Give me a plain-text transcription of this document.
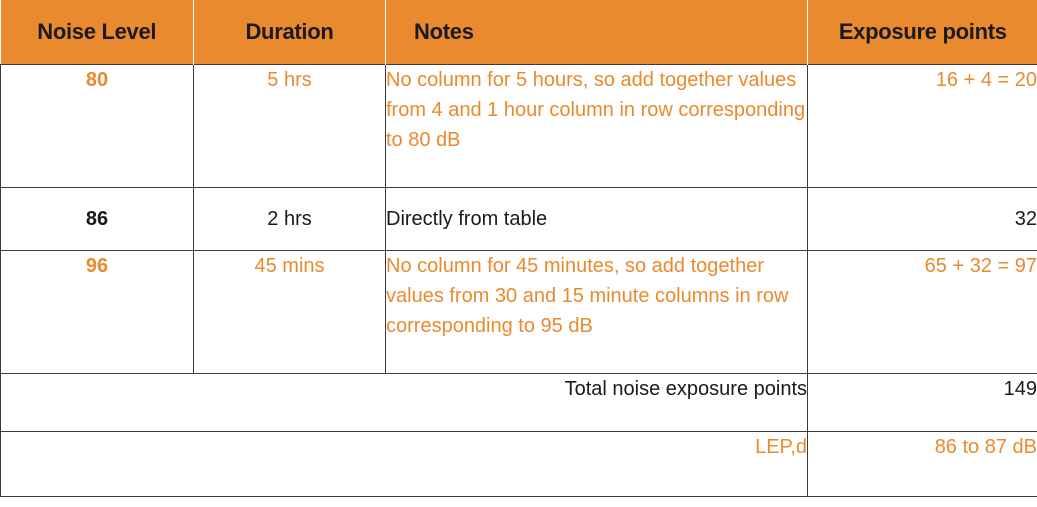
Noise Level	Duration	Notes	Exposure points
80	5 hrs	No column for 5 hours, so add together values from 4 and 1 hour column in row corresponding to 80 dB	16 + 4 = 20
86	2 hrs	Directly from table	32
96	45 mins	No column for 45 minutes, so add together values from 30 and 15 minute columns in row corresponding to 95 dB	65 + 32 = 97
Total noise exposure points			149
LEP,d			86 to 87 dB
